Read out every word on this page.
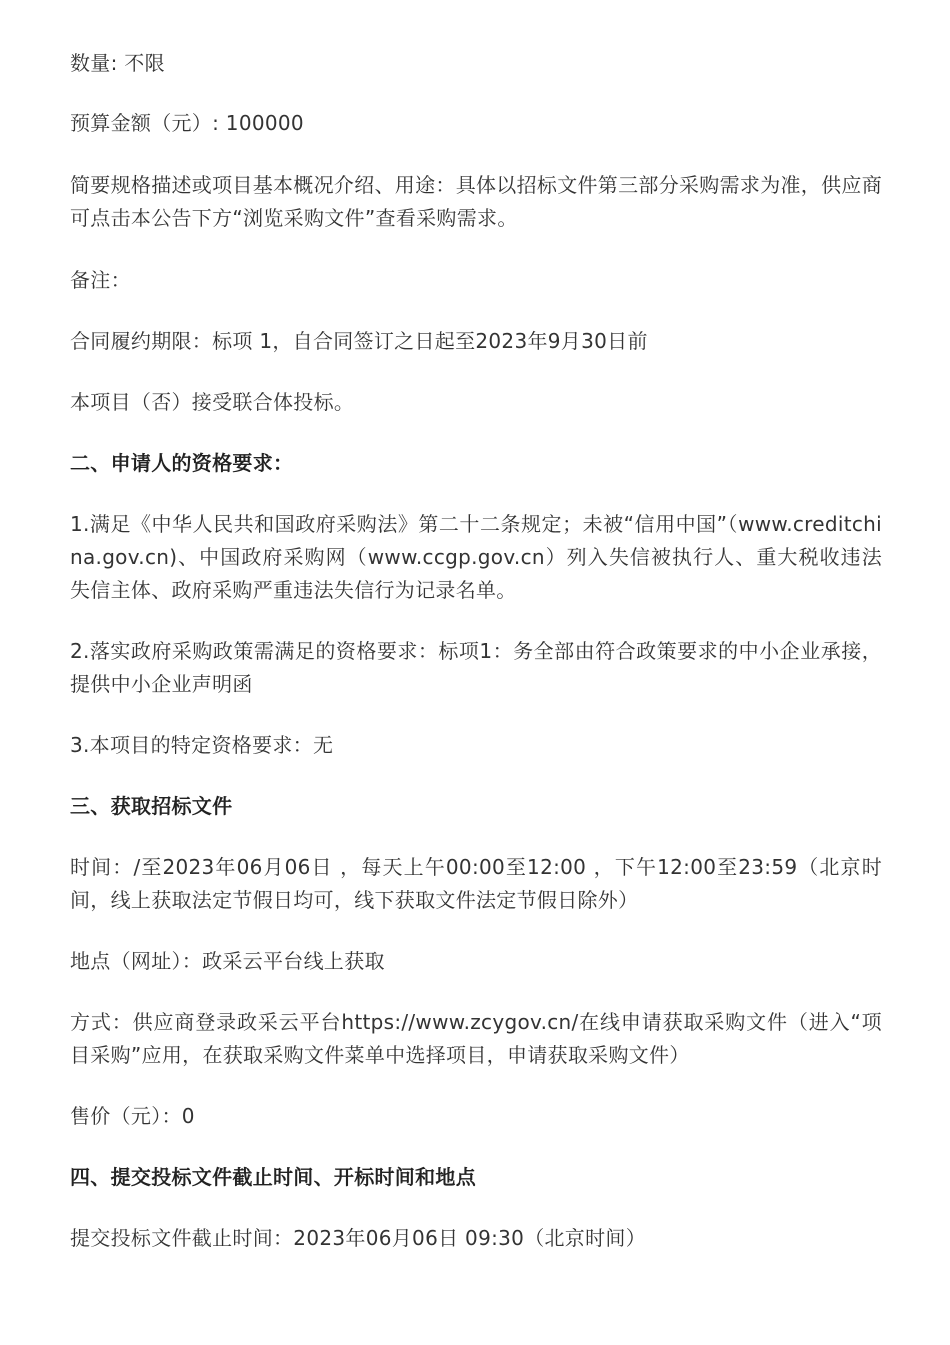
数量: 不限

预算金额（元）: 100000

简要规格描述或项目基本概况介绍、用途：具体以招标文件第三部分采购需求为准，供应商可点击本公告下方“浏览采购文件”查看采购需求。

备注：

合同履约期限：标项 1，自合同签订之日起至2023年9月30日前

本项目（否）接受联合体投标。

二、申请人的资格要求：

1.满足《中华人民共和国政府采购法》第二十二条规定；未被“信用中国”（www.creditchina.gov.cn)、中国政府采购网（www.ccgp.gov.cn）列入失信被执行人、重大税收违法失信主体、政府采购严重违法失信行为记录名单。

2.落实政府采购政策需满足的资格要求：标项1：务全部由符合政策要求的中小企业承接，提供中小企业声明函

3.本项目的特定资格要求：无

三、获取招标文件

时间：/至2023年06月06日 ，每天上午00:00至12:00 ，下午12:00至23:59（北京时间，线上获取法定节假日均可，线下获取文件法定节假日除外）

地点（网址）：政采云平台线上获取

方式：供应商登录政采云平台https://www.zcygov.cn/在线申请获取采购文件（进入“项目采购”应用，在获取采购文件菜单中选择项目，申请获取采购文件）

售价（元）：0

四、提交投标文件截止时间、开标时间和地点

提交投标文件截止时间：2023年06月06日 09:30（北京时间）
